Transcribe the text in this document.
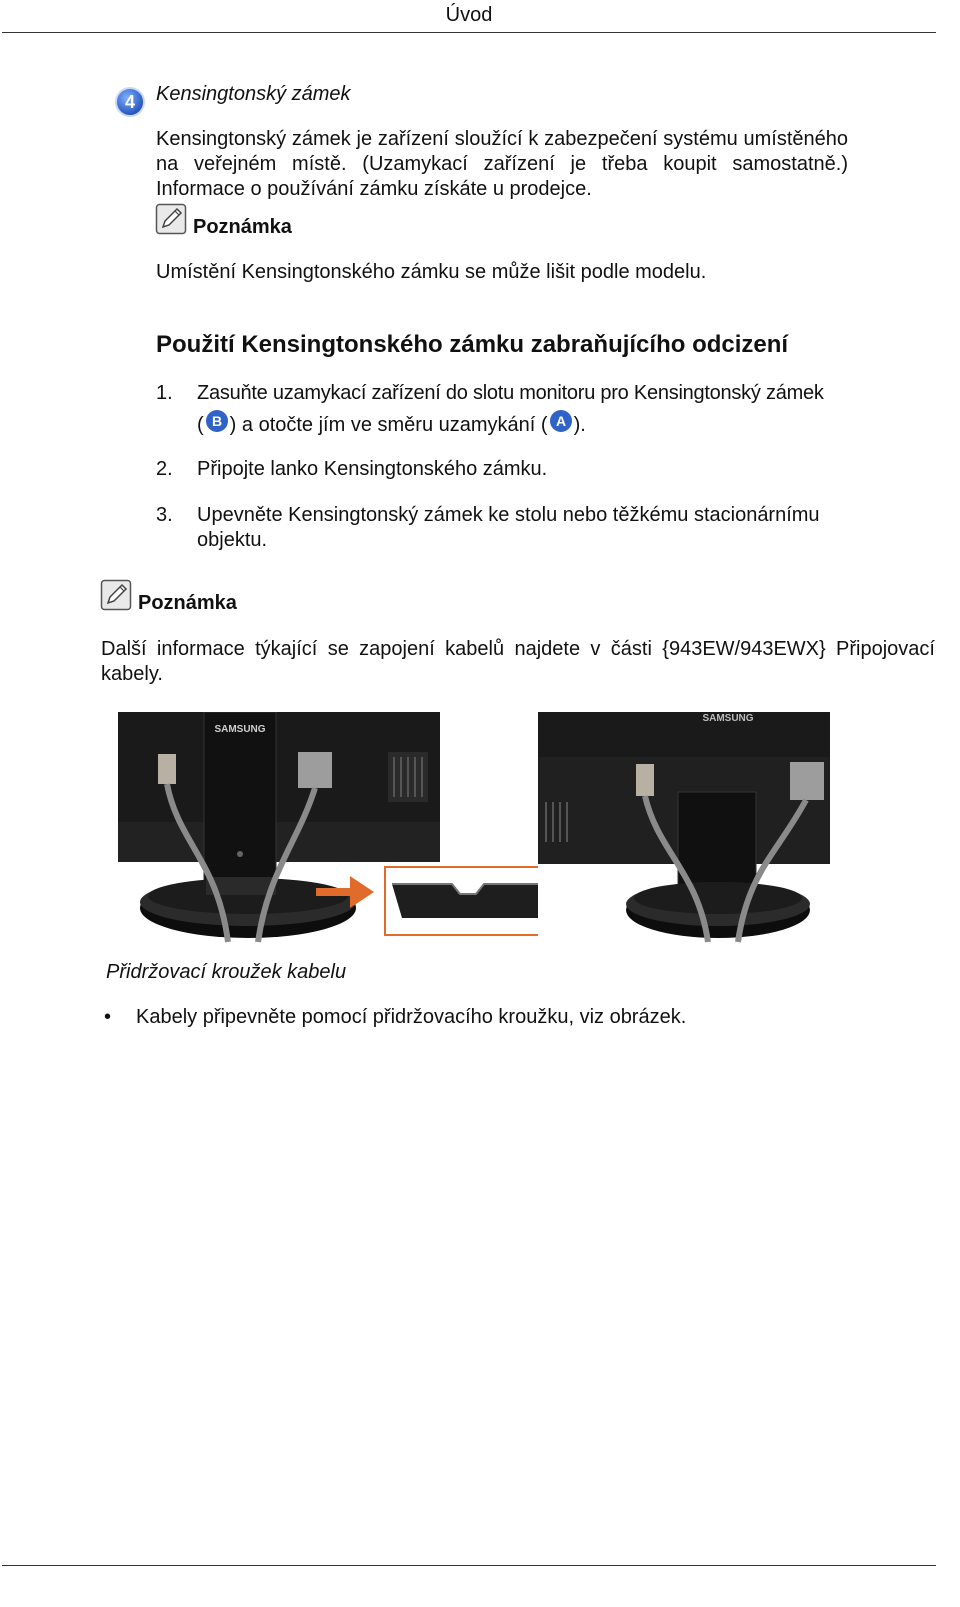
Úvod
4 Kensingtonský zámek
Kensingtonský zámek je zařízení sloužící k zabezpečení systému umístěného na veřejném místě. (Uzamykací zařízení je třeba koupit samostatně.) Informace o používání zámku získáte u prodejce.
Poznámka
Umístění Kensingtonského zámku se může lišit podle modelu.
Použití Kensingtonského zámku zabraňujícího odcizení
1. Zasuňte uzamykací zařízení do slotu monitoru pro Kensingtonský zámek
( B ) a otočte jím ve směru uzamykání ( A ).
2. Připojte lanko Kensingtonského zámku.
3. Upevněte Kensingtonský zámek ke stolu nebo těžkému stacionárnímu objektu.
Poznámka
Další informace týkající se zapojení kabelů najdete v části {943EW/943EWX} Připojovací kabely.
SAMSUNG
SAMSUNG
Přidržovací kroužek kabelu
• Kabely připevněte pomocí přidržovacího kroužku, viz obrázek.
